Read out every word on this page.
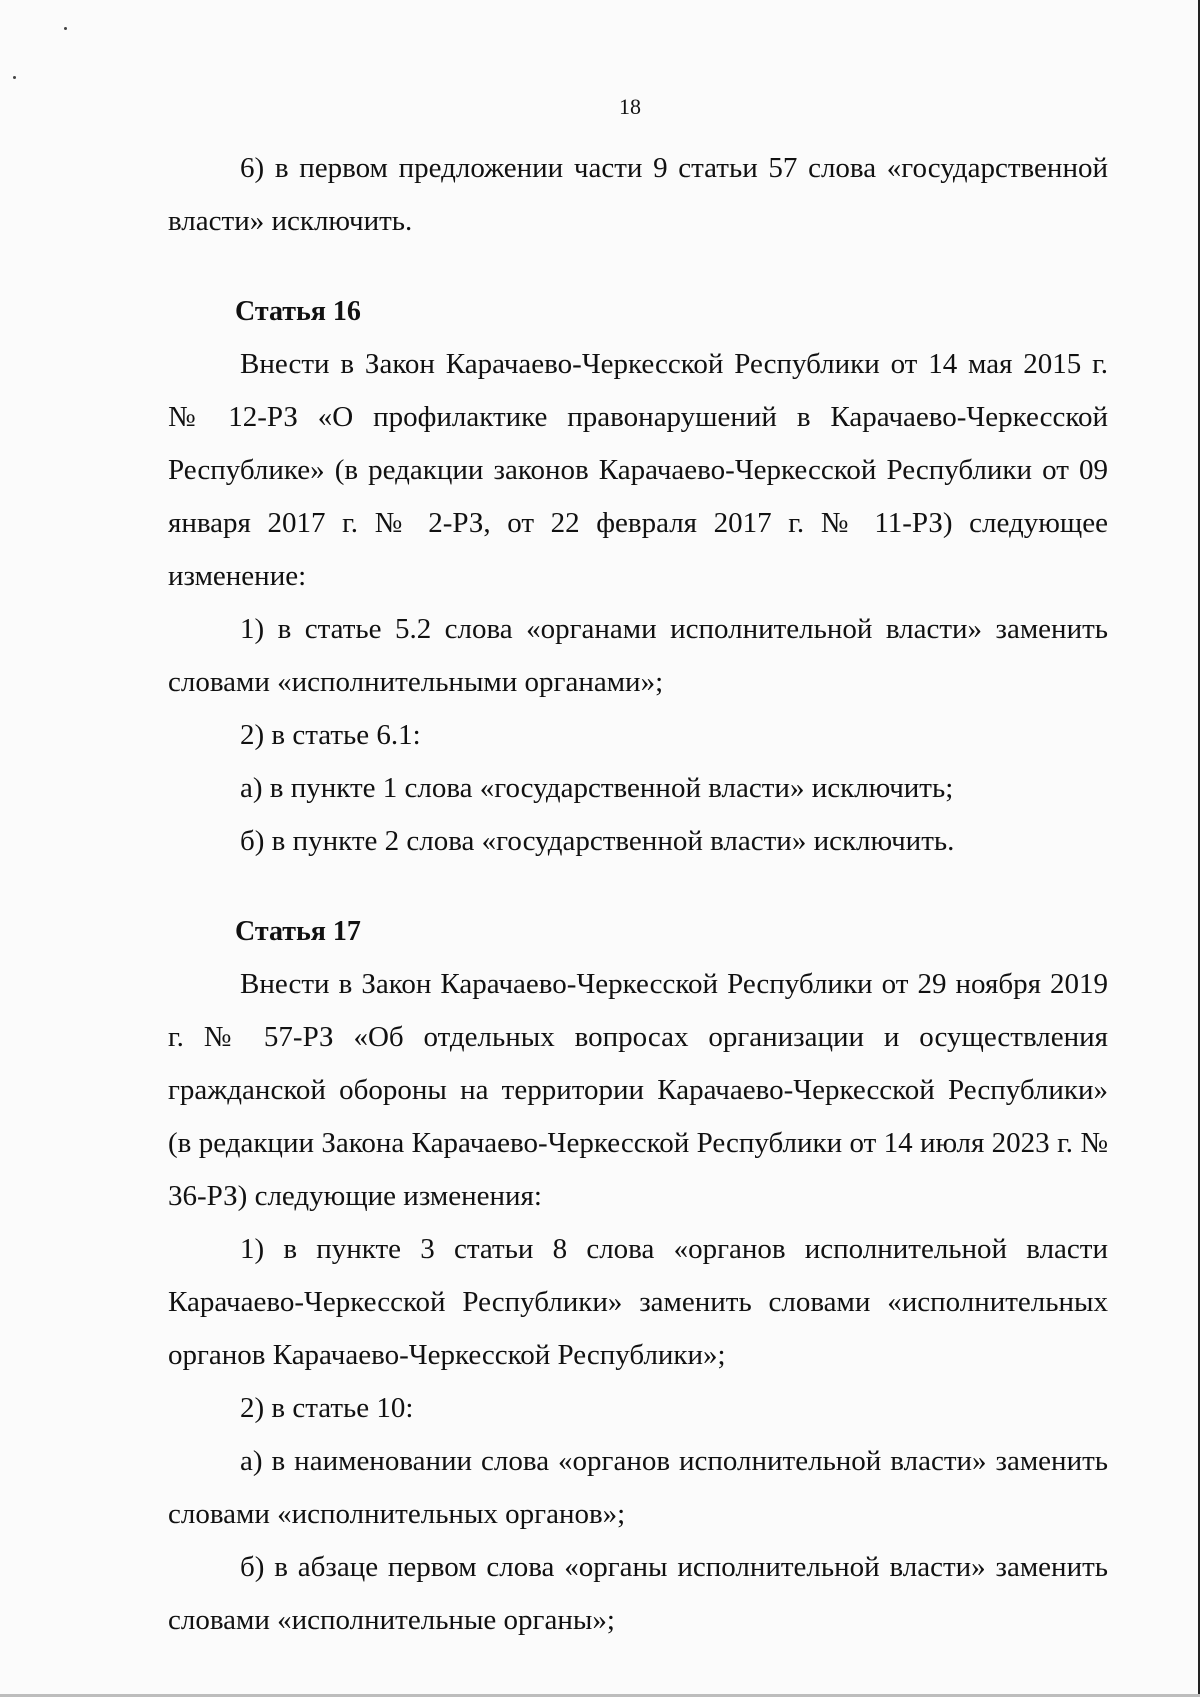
18

6) в первом предложении части 9 статьи 57 слова «государственной власти» исключить.

Статья 16

Внести в Закон Карачаево-Черкесской Республики от 14 мая 2015 г. № 12-РЗ «О профилактике правонарушений в Карачаево-Черкесской Республике» (в редакции законов Карачаево-Черкесской Республики от 09 января 2017 г. № 2-РЗ, от 22 февраля 2017 г. № 11-РЗ) следующее изменение:

1) в статье 5.2 слова «органами исполнительной власти» заменить словами «исполнительными органами»;

2) в статье 6.1:

а) в пункте 1 слова «государственной власти» исключить;

б) в пункте 2 слова «государственной власти» исключить.

Статья 17

Внести в Закон Карачаево-Черкесской Республики от 29 ноября 2019 г. № 57-РЗ «Об отдельных вопросах организации и осуществления гражданской обороны на территории Карачаево-Черкесской Республики» (в редакции Закона Карачаево-Черкесской Республики от 14 июля 2023 г. № 36-РЗ) следующие изменения:

1) в пункте 3 статьи 8 слова «органов исполнительной власти Карачаево-Черкесской Республики» заменить словами «исполнительных органов Карачаево-Черкесской Республики»;

2) в статье 10:

а) в наименовании слова «органов исполнительной власти» заменить словами «исполнительных органов»;

б) в абзаце первом слова «органы исполнительной власти» заменить словами «исполнительные органы»;
